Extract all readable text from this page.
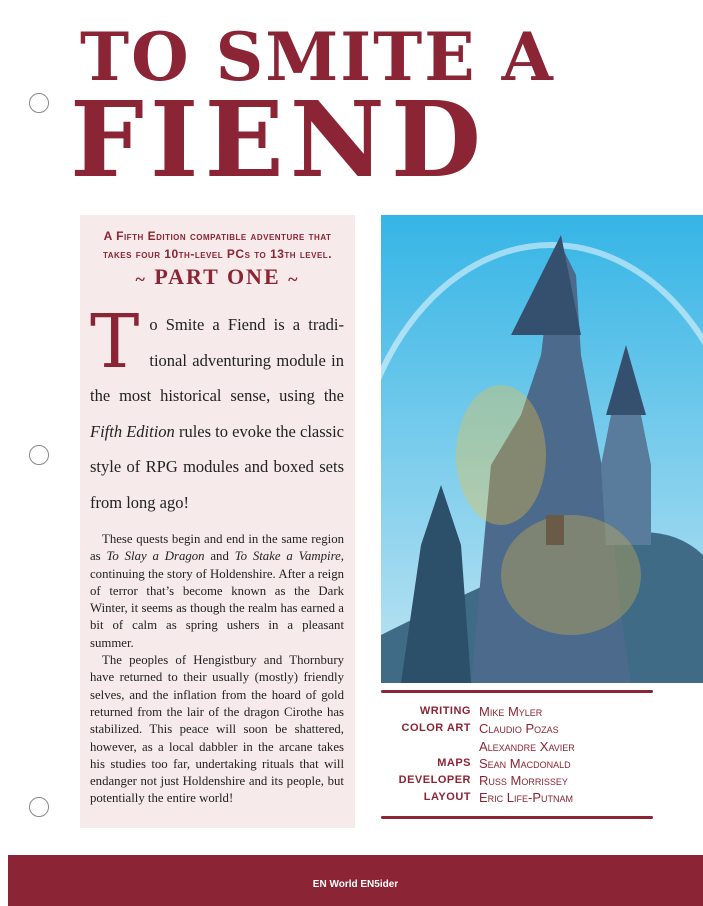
TO SMITE A
FIEND
A Fifth Edition compatible adventure that takes four 10th-level PCs to 13th level.
~ PART ONE ~
To Smite a Fiend is a traditional adventuring module in the most historical sense, using the Fifth Edition rules to evoke the classic style of RPG modules and boxed sets from long ago!

These quests begin and end in the same region as To Slay a Dragon and To Stake a Vampire, continuing the story of Holdenshire. After a reign of terror that’s become known as the Dark Winter, it seems as though the realm has earned a bit of calm as spring ushers in a pleasant summer.

The peoples of Hengistbury and Thornbury have returned to their usually (mostly) friendly selves, and the inflation from the hoard of gold returned from the lair of the dragon Cirothe has stabilized. This peace will soon be shattered, however, as a local dabbler in the arcane takes his studies too far, undertaking rituals that will endanger not just Holdenshire and its people, but potentially the entire world!

WRITING Mike Myler
COLOR ART Claudio Pozas
Alexandre Xavier
MAPS Sean Macdonald
DEVELOPER Russ Morrissey
LAYOUT Eric Life-Putnam
EN World EN5ider
